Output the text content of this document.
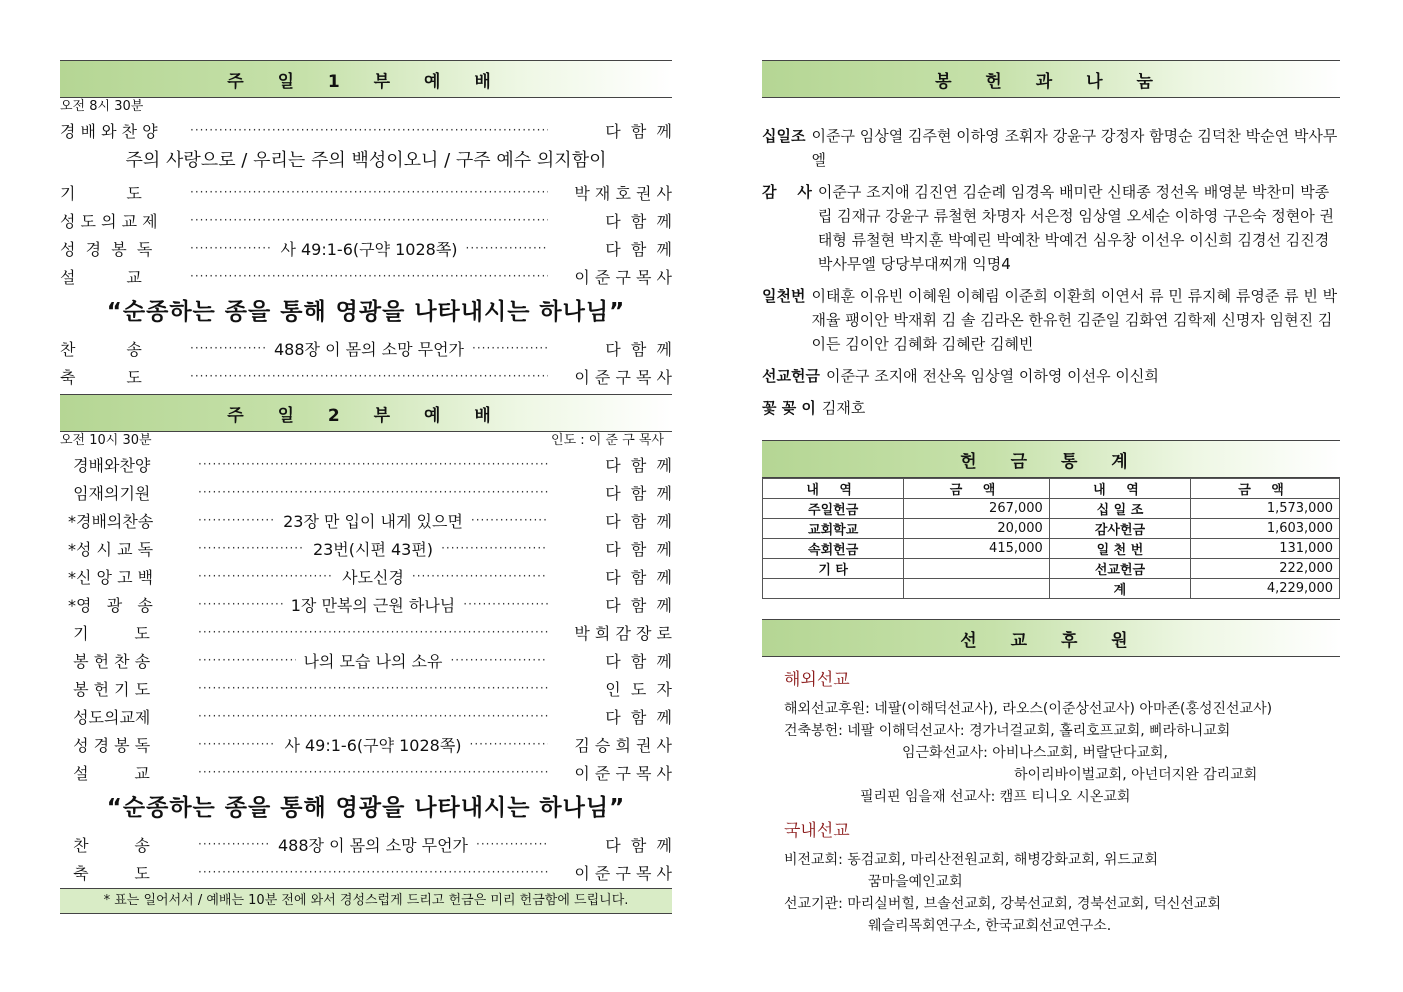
주 일 1 부 예 배
오전 8시 30분
경 배 와 찬 양 ·····	다  함  께
주의 사랑으로 / 우리는 주의 백성이오니 / 구주 예수 의지함이
기          도 ·····	박 재 호 권 사
성 도 의 교 제 ·····	다  함  께
성  경  봉  독 ·····	사 49:1-6(구약 1028쪽) ·····	다  함  께
설          교 ·····	이 준 구 목 사
“순종하는 종을 통해 영광을 나타내시는 하나님”
찬          송 ·····	488장 이 몸의 소망 무언가 ·····	다  함  께
축          도 ·····	이 준 구 목 사
주 일 2 부 예 배
오전 10시 30분	인도 : 이 준 구 목사
경배와찬양 ·····	다  함  께
임재의기원 ·····	다  함  께
*경배의찬송 ·····	23장 만 입이 내게 있으면 ·····	다  함  께
*성 시 교 독 ·····	23번(시편 43편) ·····	다  함  께
*신 앙 고 백 ·····	사도신경 ·····	다  함  께
*영   광   송 ·····	1장 만복의 근원 하나님 ·····	다  함  께
기         도 ·····	박 희 감 장 로
봉 헌 찬 송 ·····	나의 모습 나의 소유 ·····	다  함  께
봉 헌 기 도 ·····	인  도  자
성도의교제 ·····	다  함  께
성 경 봉 독 ·····	사 49:1-6(구약 1028쪽) ·····	김 승 희 권 사
설         교 ·····	이 준 구 목 사
“순종하는 종을 통해 영광을 나타내시는 하나님”
찬         송 ·····	488장 이 몸의 소망 무언가 ·····	다  함  께
축         도 ·····	이 준 구 목 사
* 표는 일어서서 / 예배는 10분 전에 와서 경성스럽게 드리고 헌금은 미리 헌금함에 드립니다.
봉 헌 과 나 눔
십일조 이준구 임상열 김주현 이하영 조휘자 강윤구 강정자 함명순 김덕찬 박순연 박사무엘
감    사 이준구 조지애 김진연 김순례 임경옥 배미란 신태종 정선옥 배영분 박찬미 박종립 김재규 강윤구 류철현 차명자 서은정 임상열 오세순 이하영 구은숙 정현아 권태형 류철현 박지훈 박예린 박예찬 박예건 심우창 이선우 이신희 김경선 김진경 박사무엘 당당부대찌개 익명4
일천번 이태훈 이유빈 이혜원 이혜림 이준희 이환희 이연서 류 민 류지혜 류영준 류 빈 박재율 팽이안 박재휘 김 솔 김라온 한유헌 김준일 김화연 김학제 신명자 임현진 김이든 김이안 김혜화 김혜란 김혜빈
선교헌금 이준구 조지애 전산옥 임상열 이하영 이선우 이신희
꽃 꽂 이 김재호
헌 금 통 계
내 역	금 액	내 역	금 액
주일헌금	267,000	십 일 조	1,573,000
교회학교	20,000	감사헌금	1,603,000
속회헌금	415,000	일 천 번	131,000
기 타		선교헌금	222,000
		계	4,229,000
선 교 후 원
해외선교
해외선교후원: 네팔(이해덕선교사), 라오스(이준상선교사) 아마존(홍성진선교사)
건축봉헌: 네팔 이해덕선교사: 경가너걸교회, 홀리호프교회, 삐라하니교회
임근화선교사: 아비나스교회, 버랄단다교회,
하이리바이벌교회, 아넌더지완 감리교회
필리핀 임을재 선교사: 캠프 티니오 시온교회
국내선교
비전교회: 동검교회, 마리산전원교회, 해병강화교회, 위드교회
꿈마을예인교회
선교기관: 마리실버힐, 브솔선교회, 강북선교회, 경북선교회, 덕신선교회
웨슬리목회연구소, 한국교회선교연구소.
